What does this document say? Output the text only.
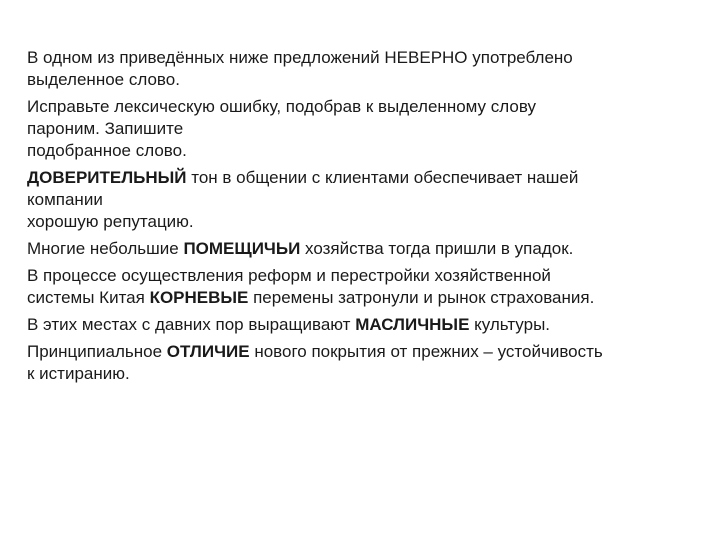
В одном из приведённых ниже предложений НЕВЕРНО употреблено
выделенное слово.

Исправьте лексическую ошибку, подобрав к выделенному слову
пароним. Запишите
подобранное слово.

ДОВЕРИТЕЛЬНЫЙ тон в общении с клиентами обеспечивает нашей
компании
хорошую репутацию.

Многие небольшие ПОМЕЩИЧЬИ хозяйства тогда пришли в упадок.

В процессе осуществления реформ и перестройки хозяйственной
системы Китая КОРНЕВЫЕ перемены затронули и рынок страхования.

В этих местах с давних пор выращивают МАСЛИЧНЫЕ культуры.

Принципиальное ОТЛИЧИЕ нового покрытия от прежних – устойчивость
к истиранию.
